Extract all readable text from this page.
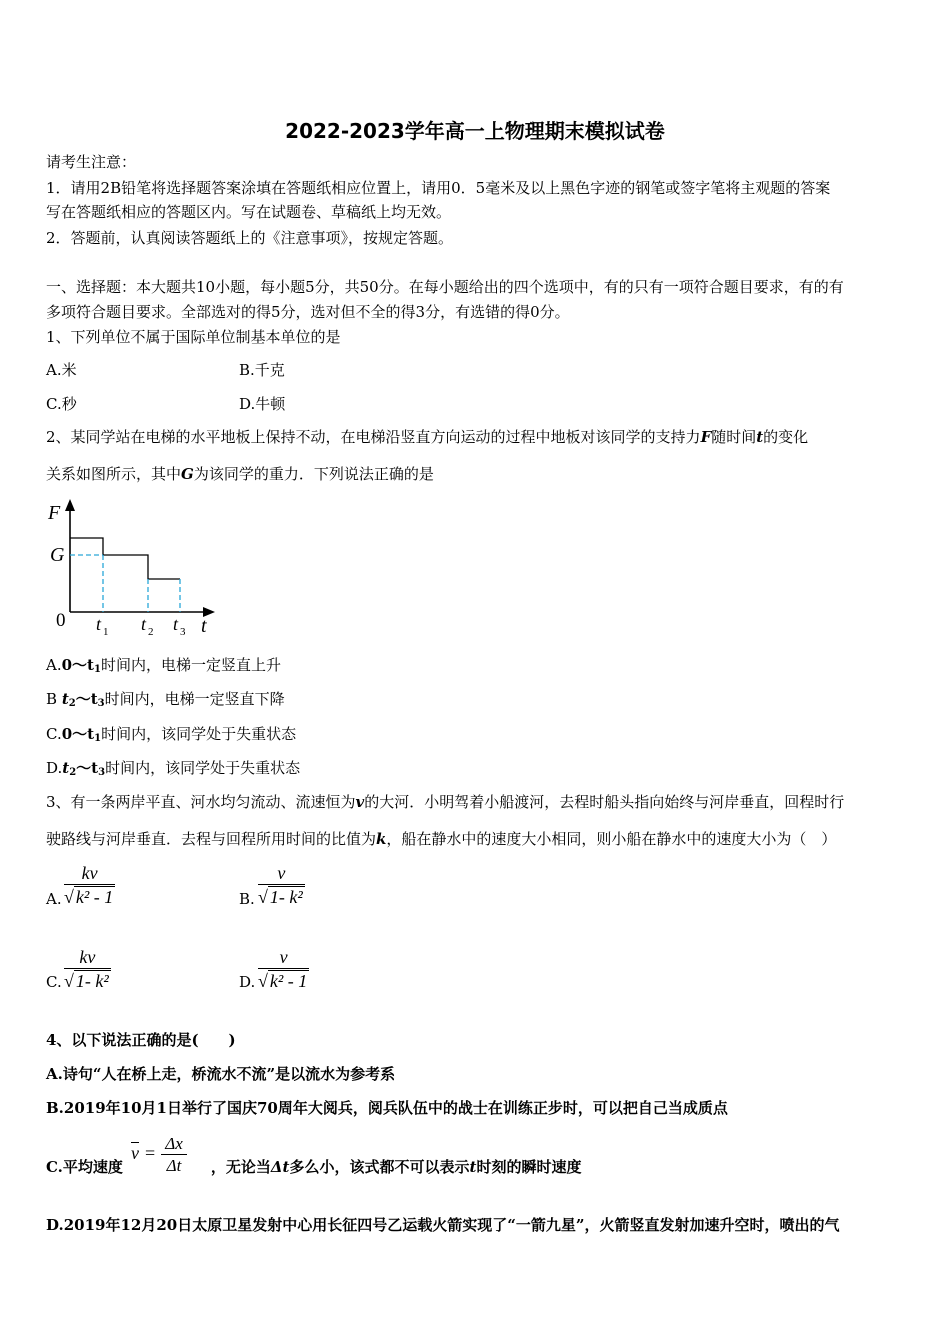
2022-2023学年高一上物理期末模拟试卷
请考生注意：
1．请用2B铅笔将选择题答案涂填在答题纸相应位置上，请用0．5毫米及以上黑色字迹的钢笔或签字笔将主观题的答案
写在答题纸相应的答题区内。写在试题卷、草稿纸上均无效。
2．答题前，认真阅读答题纸上的《注意事项》，按规定答题。
一、选择题：本大题共10小题，每小题5分，共50分。在每小题给出的四个选项中，有的只有一项符合题目要求，有的有
多项符合题目要求。全部选对的得5分，选对但不全的得3分，有选错的得0分。
1、下列单位不属于国际单位制基本单位的是
A.米	B.千克
C.秒	D.牛顿
2、某同学站在电梯的水平地板上保持不动，在电梯沿竖直方向运动的过程中地板对该同学的支持力F随时间t的变化
关系如图所示，其中G为该同学的重力．下列说法正确的是
F
G
0	t
t 1 t 2 t 3
$A.0\sim t_1$时间内，电梯一定竖直上升
B $t_2\sim t_3$时间内，电梯一定竖直下降
$C.0\sim t_1$时间内，该同学处于失重状态
$D.t_2\sim t_3$时间内，该同学处于失重状态
3、有一条两岸平直、河水均匀流动、流速恒为v的大河．小明驾着小船渡河，去程时船头指向始终与河岸垂直，回程时行
驶路线与河岸垂直．去程与回程所用时间的比值为k，船在静水中的速度大小相同，则小船在静水中的速度大小为（　）
A.
kv
√ k² - 1	B.
v
√ 1- k²
C.
kv
√ 1- k²	D.
v
√ k² - 1
4、以下说法正确的是(　　)
A.诗句“人在桥上走，桥流水不流”是以流水为参考系
B.2019年10月1日举行了国庆70周年大阅兵，阅兵队伍中的战士在训练正步时，可以把自己当成质点
C.平均速度	，无论当Δt多么小，该式都不可以表示t时刻的瞬时速度
$\overline{v} = \Delta x$
Δt
D.2019年12月20日太原卫星发射中心用长征四号乙运载火箭实现了“一箭九星”，火箭竖直发射加速升空时，喷出的气
